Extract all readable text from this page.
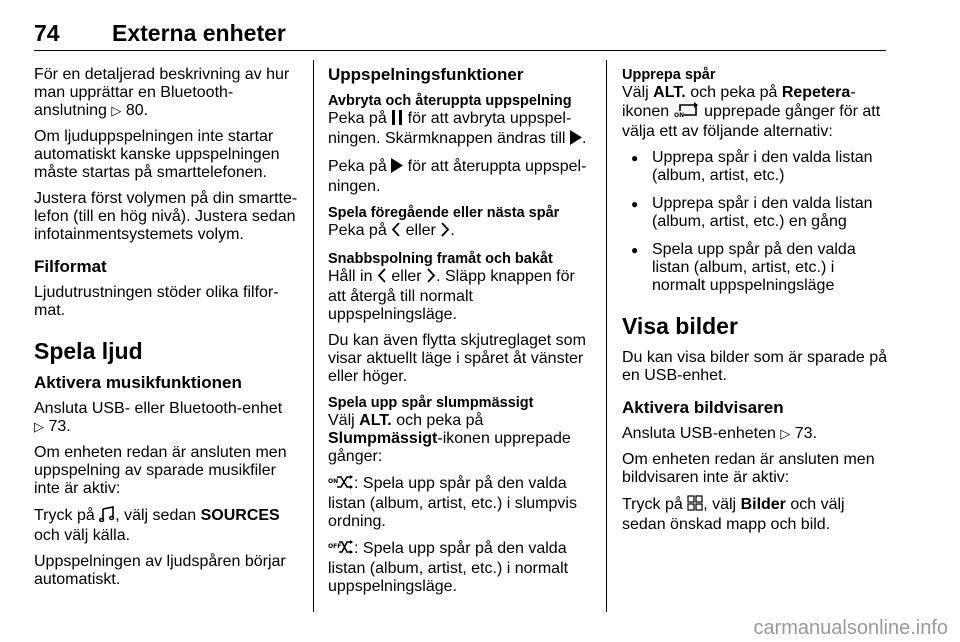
74 Externa enheter

För en detaljerad beskrivning av hur man upprättar en Bluetooth-anslutning ▷ 80.

Om ljuduppspelningen inte startar automatiskt kanske uppspelningen måste startas på smarttelefonen.

Justera först volymen på din smarttelefon (till en hög nivå). Justera sedan infotainmentsystemets volym.

Filformat

Ljudutrustningen stöder olika filformat.

Spela ljud
Aktivera musikfunktionen

Ansluta USB- eller Bluetooth-enhet
▷ 73.

Om enheten redan är ansluten men uppspelning av sparade musikfiler inte är aktiv:

Tryck på , välj sedan SOURCES och välj källa.

Uppspelningen av ljudspåren börjar automatiskt.

Uppspelningsfunktioner
Avbryta och återuppta uppspelning

Peka på för att avbryta uppspelningen. Skärmknappen ändras till .

Peka på för att återuppta uppspelningen.

Spela föregående eller nästa spår

Peka på eller .

Snabbspolning framåt och bakåt

Håll in eller . Släpp knappen för att återgå till normalt uppspelningsläge.

Du kan även flytta skjutreglaget som visar aktuellt läge i spåret åt vänster eller höger.

Spela upp spår slumpmässigt

Välj ALT. och peka på
Slumpmässigt-ikonen upprepade gånger:

ON : Spela upp spår på den valda listan (album, artist, etc.) i slumpvis ordning.

OFF : Spela upp spår på den valda listan (album, artist, etc.) i normalt uppspelningsläge.

Upprepa spår

Välj ALT. och peka på Repetera-ikonen ON upprepade gånger för att välja ett av följande alternativ:

● Upprepa spår i den valda listan (album, artist, etc.)
● Upprepa spår i den valda listan (album, artist, etc.) en gång
● Spela upp spår på den valda listan (album, artist, etc.) i normalt uppspelningsläge
Visa bilder

Du kan visa bilder som är sparade på en USB-enhet.

Aktivera bildvisaren

Ansluta USB-enheten ▷ 73.

Om enheten redan är ansluten men bildvisaren inte är aktiv:

Tryck på , välj Bilder och välj sedan önskad mapp och bild.

carmanualsonline.info
